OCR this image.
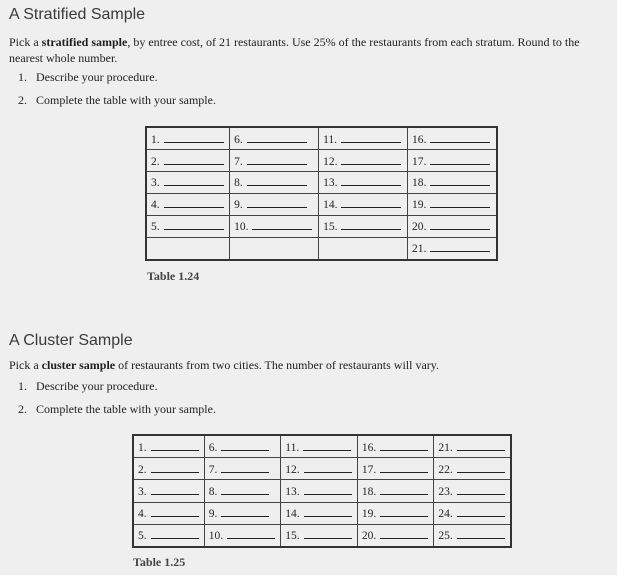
A Stratified Sample

Pick a stratified sample, by entree cost, of 21 restaurants. Use 25% of the restaurants from each stratum. Round to the nearest whole number.

1. Describe your procedure.
2. Complete the table with your sample.
1.	6.	11.	16.
2.	7.	12.	17.
3.	8.	13.	18.
4.	9.	14.	19.
5.	10.	15.	20.
			21.
Table 1.24
A Cluster Sample

Pick a cluster sample of restaurants from two cities. The number of restaurants will vary.

1. Describe your procedure.
2. Complete the table with your sample.
1.	6.	11.	16.	21.
2.	7.	12.	17.	22.
3.	8.	13.	18.	23.
4.	9.	14.	19.	24.
5.	10.	15.	20.	25.
Table 1.25
